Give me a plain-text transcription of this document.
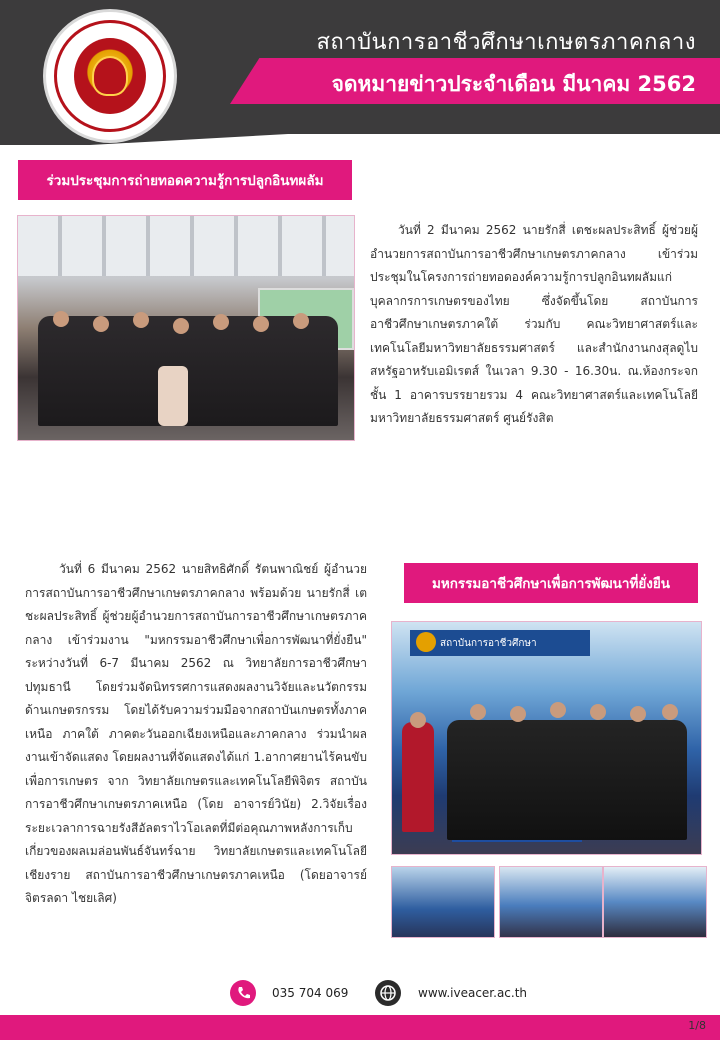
สถาบันการอาชีวศึกษาเกษตรภาคกลาง
จดหมายข่าวประจำเดือน มีนาคม 2562
ร่วมประชุมการถ่ายทอดความรู้การปลูกอินทผลัม
วันที่ 2 มีนาคม 2562 นายรักสี่ เตชะผลประสิทธิ์ ผู้ช่วยผู้อำนวยการสถาบันการอาชีวศึกษาเกษตรภาคกลาง เข้าร่วมประชุมในโครงการถ่ายทอดองค์ความรู้การปลูกอินทผลัมแก่บุคลากรการเกษตรของไทย ซึ่งจัดขึ้นโดย สถาบันการอาชีวศึกษาเกษตรภาคใต้ ร่วมกับ คณะวิทยาศาสตร์และเทคโนโลยีมหาวิทยาลัยธรรมศาสตร์ และสำนักงานกงสุลดูไบ สหรัฐอาหรับเอมิเรตส์ ในเวลา 9.30 - 16.30น. ณ.ห้องกระจก ชั้น 1 อาคารบรรยายรวม 4 คณะวิทยาศาสตร์และเทคโนโลยี มหาวิทยาลัยธรรมศาสตร์ ศูนย์รังสิต
วันที่ 6 มีนาคม 2562 นายสิทธิศักดิ์ รัตนพาณิชย์ ผู้อำนวยการสถาบันการอาชีวศึกษาเกษตรภาคกลาง พร้อมด้วย นายรักสี่ เตชะผลประสิทธิ์ ผู้ช่วยผู้อำนวยการสถาบันการอาชีวศึกษาเกษตรภาคกลาง เข้าร่วมงาน "มหกรรมอาชีวศึกษาเพื่อการพัฒนาที่ยั่งยืน" ระหว่างวันที่ 6-7 มีนาคม 2562 ณ วิทยาลัยการอาชีวศึกษาปทุมธานี โดยร่วมจัดนิทรรศการแสดงผลงานวิจัยและนวัตกรรมด้านเกษตรกรรม โดยได้รับความร่วมมือจากสถาบันเกษตรทั้งภาคเหนือ ภาคใต้ ภาคตะวันออกเฉียงเหนือและภาคกลาง ร่วมนำผลงานเข้าจัดแสดง โดยผลงานที่จัดแสดงได้แก่ 1.อากาศยานไร้คนขับเพื่อการเกษตร จาก วิทยาลัยเกษตรและเทคโนโลยีพิจิตร สถาบันการอาชีวศึกษาเกษตรภาคเหนือ (โดย อาจารย์วินัย) 2.วิจัยเรื่อง ระยะเวลาการฉายรังสีอัลตราไวโอเลตที่มีต่อคุณภาพหลังการเก็บเกี่ยวของผลเมล่อนพันธ์จันทร์ฉาย วิทยาลัยเกษตรและเทคโนโลยีเชียงราย สถาบันการอาชีวศึกษาเกษตรภาคเหนือ (โดยอาจารย์จิตรลดา ไชยเลิศ)
มหกรรมอาชีวศึกษาเพื่อการพัฒนาที่ยั่งยืน
สถาบันการอาชีวศึกษา
035 704 069	www.iveacer.ac.th
1/8
